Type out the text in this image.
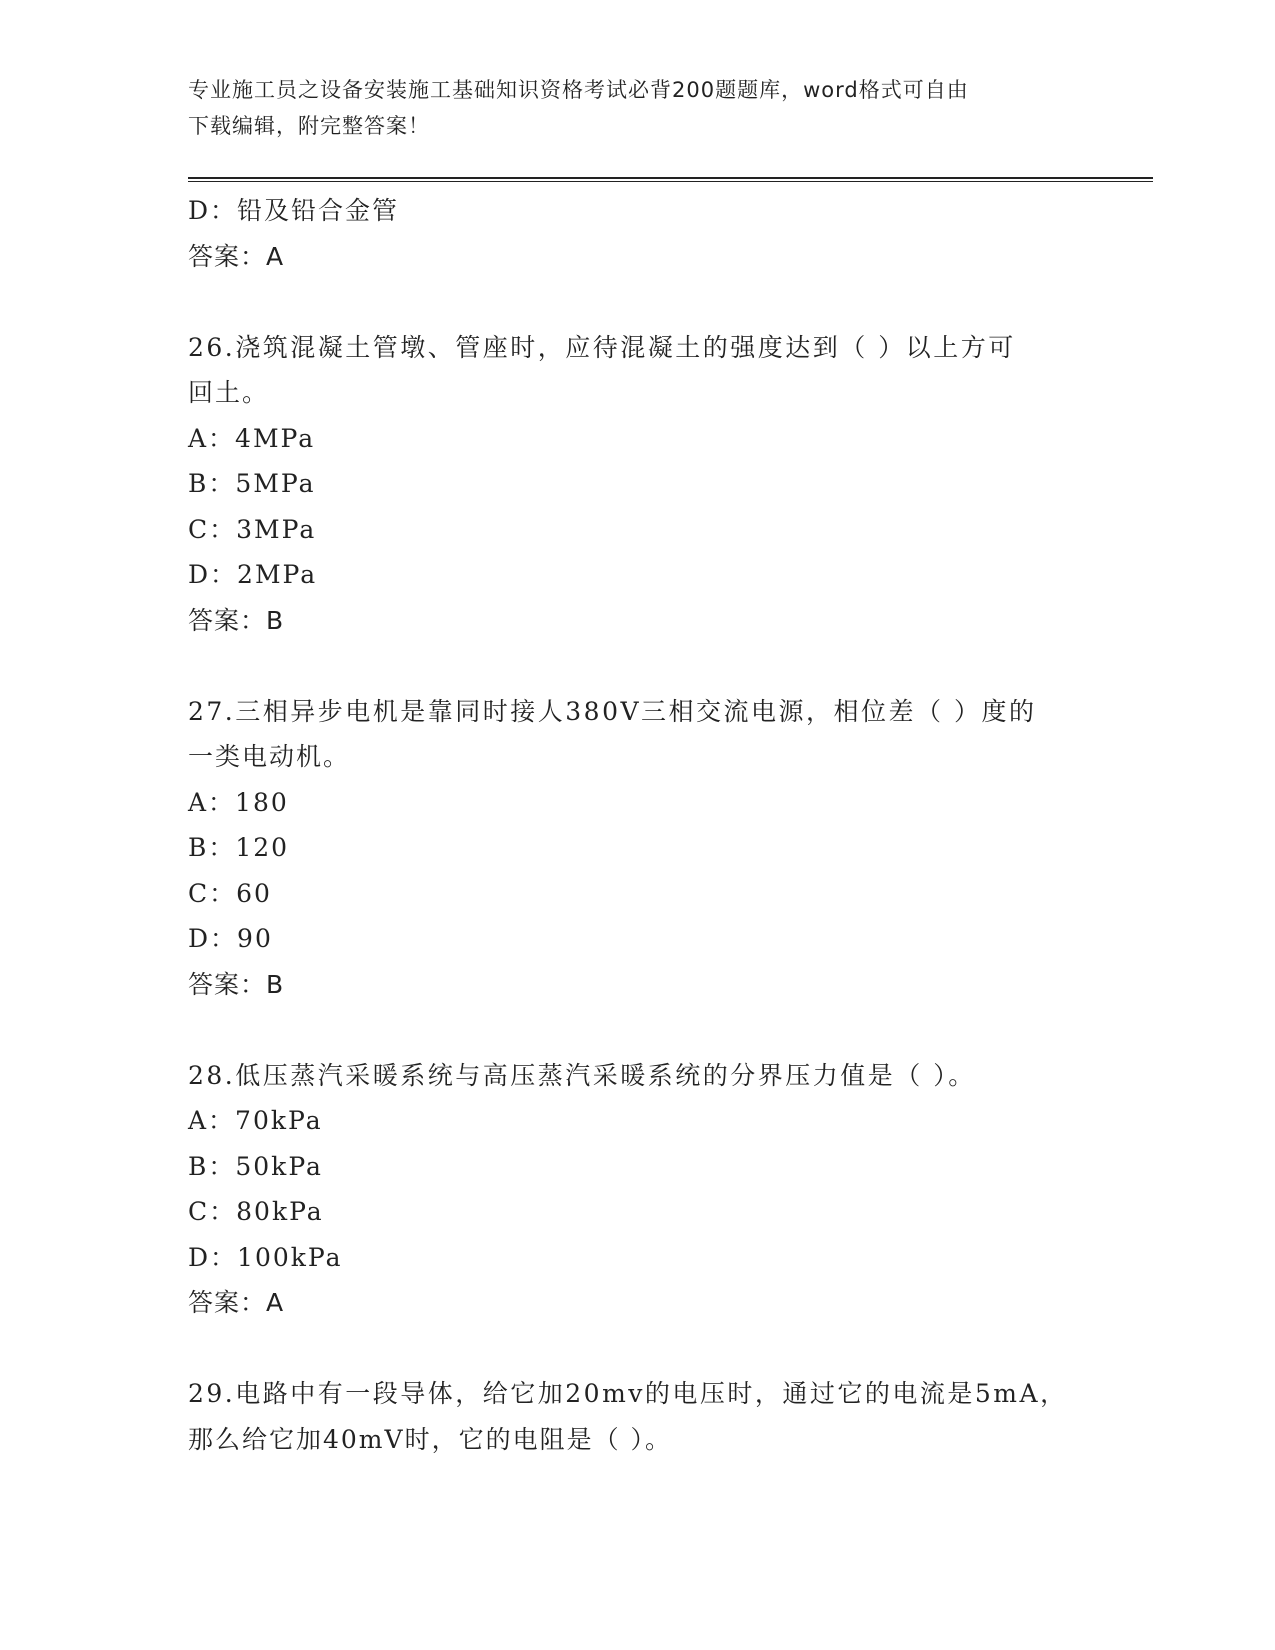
专业施工员之设备安装施工基础知识资格考试必背200题题库，word格式可自由
下载编辑，附完整答案！
D：铅及铅合金管
答案：A
26.浇筑混凝土管墩、管座时，应待混凝土的强度达到（ ）以上方可
回土。
A：4MPa
B：5MPa
C：3MPa
D：2MPa
答案：B
27.三相异步电机是靠同时接人380V三相交流电源，相位差（ ）度的
一类电动机。
A：180
B：120
C：60
D：90
答案：B
28.低压蒸汽采暖系统与高压蒸汽采暖系统的分界压力值是（ ）。
A：70kPa
B：50kPa
C：80kPa
D：100kPa
答案：A
29.电路中有一段导体，给它加20mv的电压时，通过它的电流是5mA，
那么给它加40mV时，它的电阻是（ ）。
